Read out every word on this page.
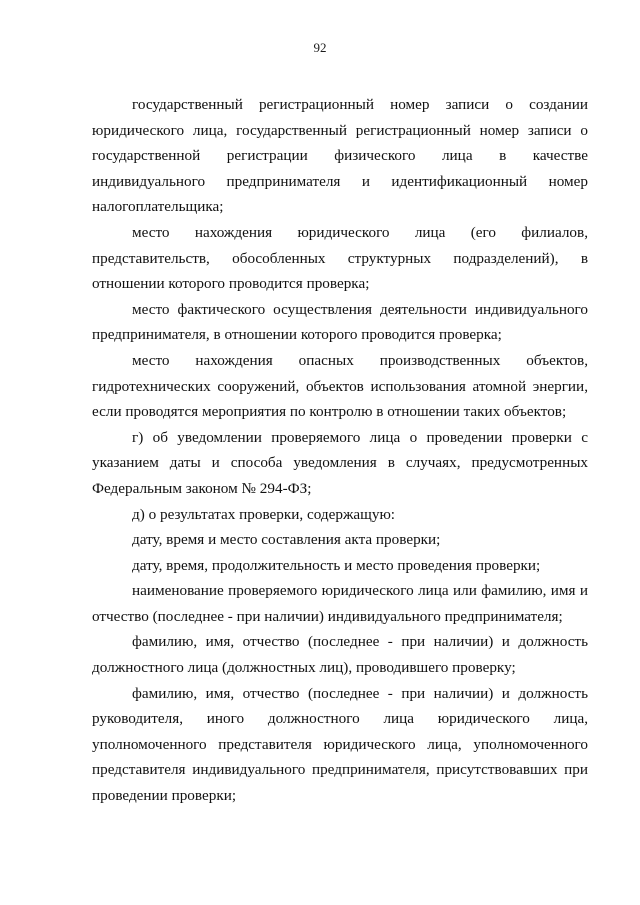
92

государственный регистрационный номер записи о создании юридического лица, государственный регистрационный номер записи о государственной регистрации физического лица в качестве индивидуального предпринимателя и идентификационный номер налогоплательщика;

место нахождения юридического лица (его филиалов, представительств, обособленных структурных подразделений), в отношении которого проводится проверка;

место фактического осуществления деятельности индивидуального предпринимателя, в отношении которого проводится проверка;

место нахождения опасных производственных объектов, гидротехнических сооружений, объектов использования атомной энергии, если проводятся мероприятия по контролю в отношении таких объектов;

г) об уведомлении проверяемого лица о проведении проверки с указанием даты и способа уведомления в случаях, предусмотренных Федеральным законом № 294-ФЗ;

д) о результатах проверки, содержащую:

дату, время и место составления акта проверки;

дату, время, продолжительность и место проведения проверки;

наименование проверяемого юридического лица или фамилию, имя и отчество (последнее - при наличии) индивидуального предпринимателя;

фамилию, имя, отчество (последнее - при наличии) и должность должностного лица (должностных лиц), проводившего проверку;

фамилию, имя, отчество (последнее - при наличии) и должность руководителя, иного должностного лица юридического лица, уполномоченного представителя юридического лица, уполномоченного представителя индивидуального предпринимателя, присутствовавших при проведении проверки;
